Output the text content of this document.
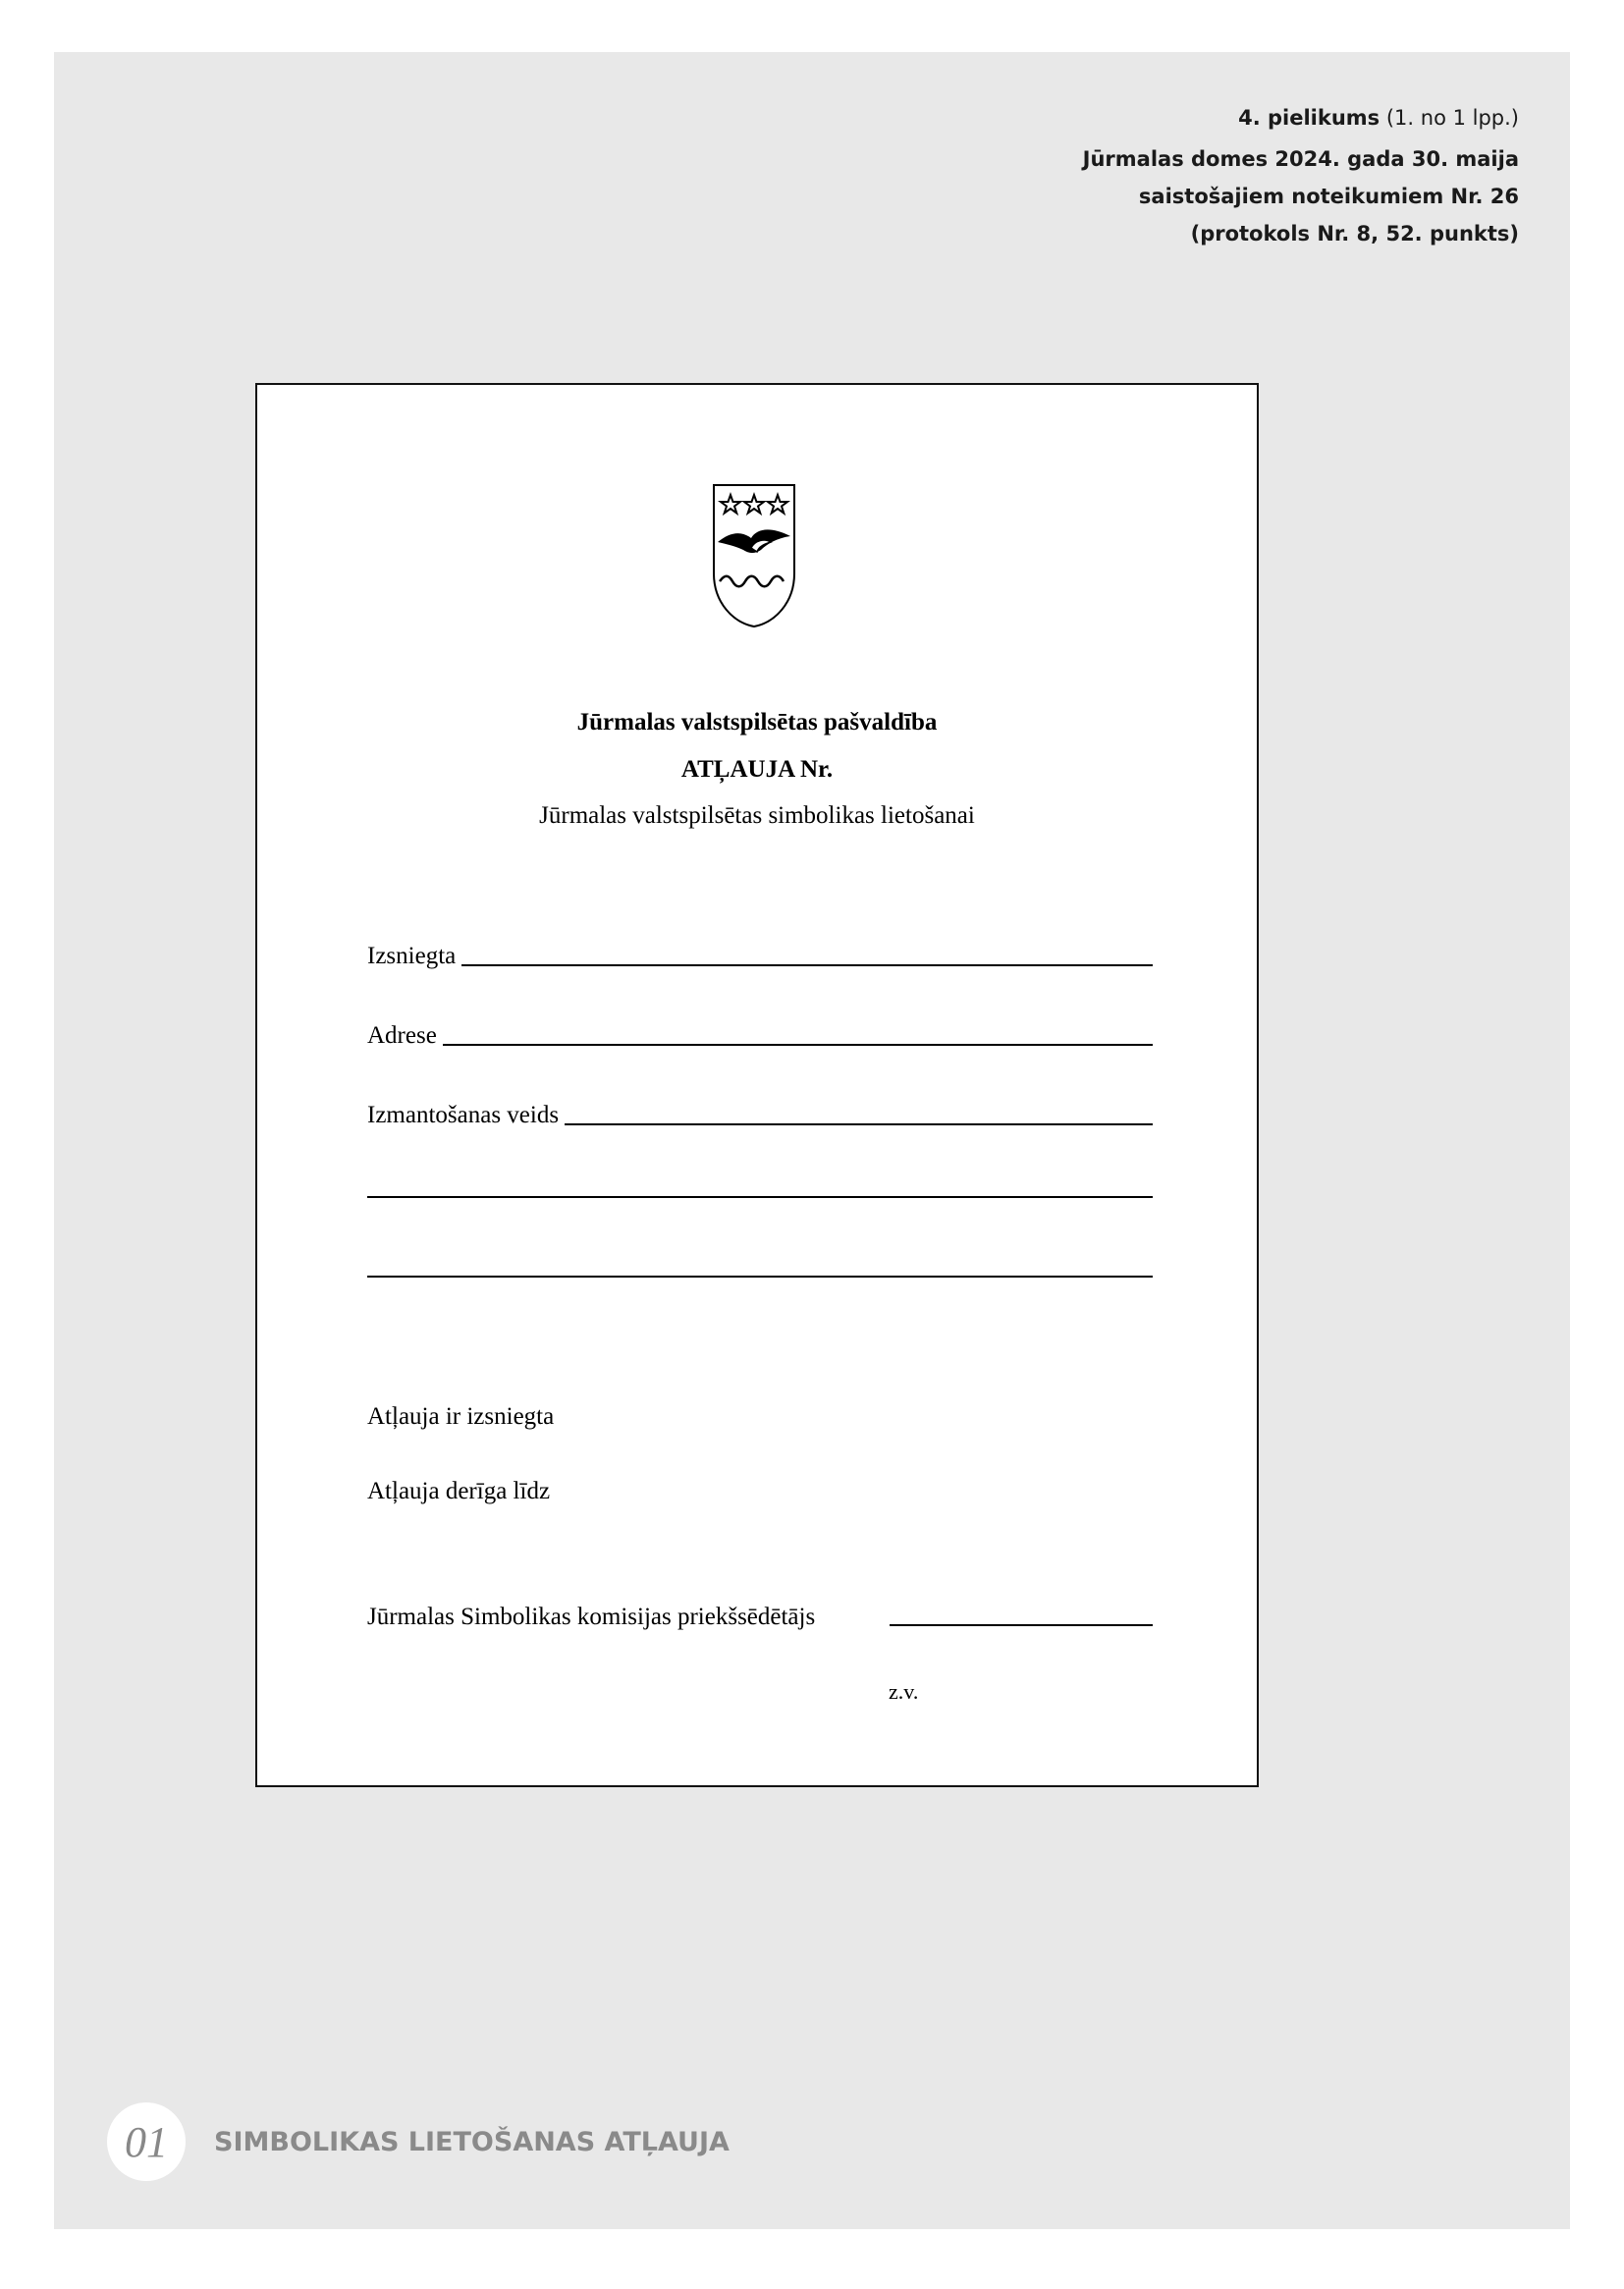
4. pielikums (1. no 1 lpp.)
Jūrmalas domes 2024. gada 30. maija
saistošajiem noteikumiem Nr. 26
(protokols Nr. 8, 52. punkts)
Jūrmalas valstspilsētas pašvaldība
ATĻAUJA Nr.
Jūrmalas valstspilsētas simbolikas lietošanai
Izsniegta
Adrese
Izmantošanas veids
Atļauja ir izsniegta
Atļauja derīga līdz
Jūrmalas Simbolikas komisijas priekšsēdētājs
z.v.
01	SIMBOLIKAS LIETOŠANAS ATĻAUJA
